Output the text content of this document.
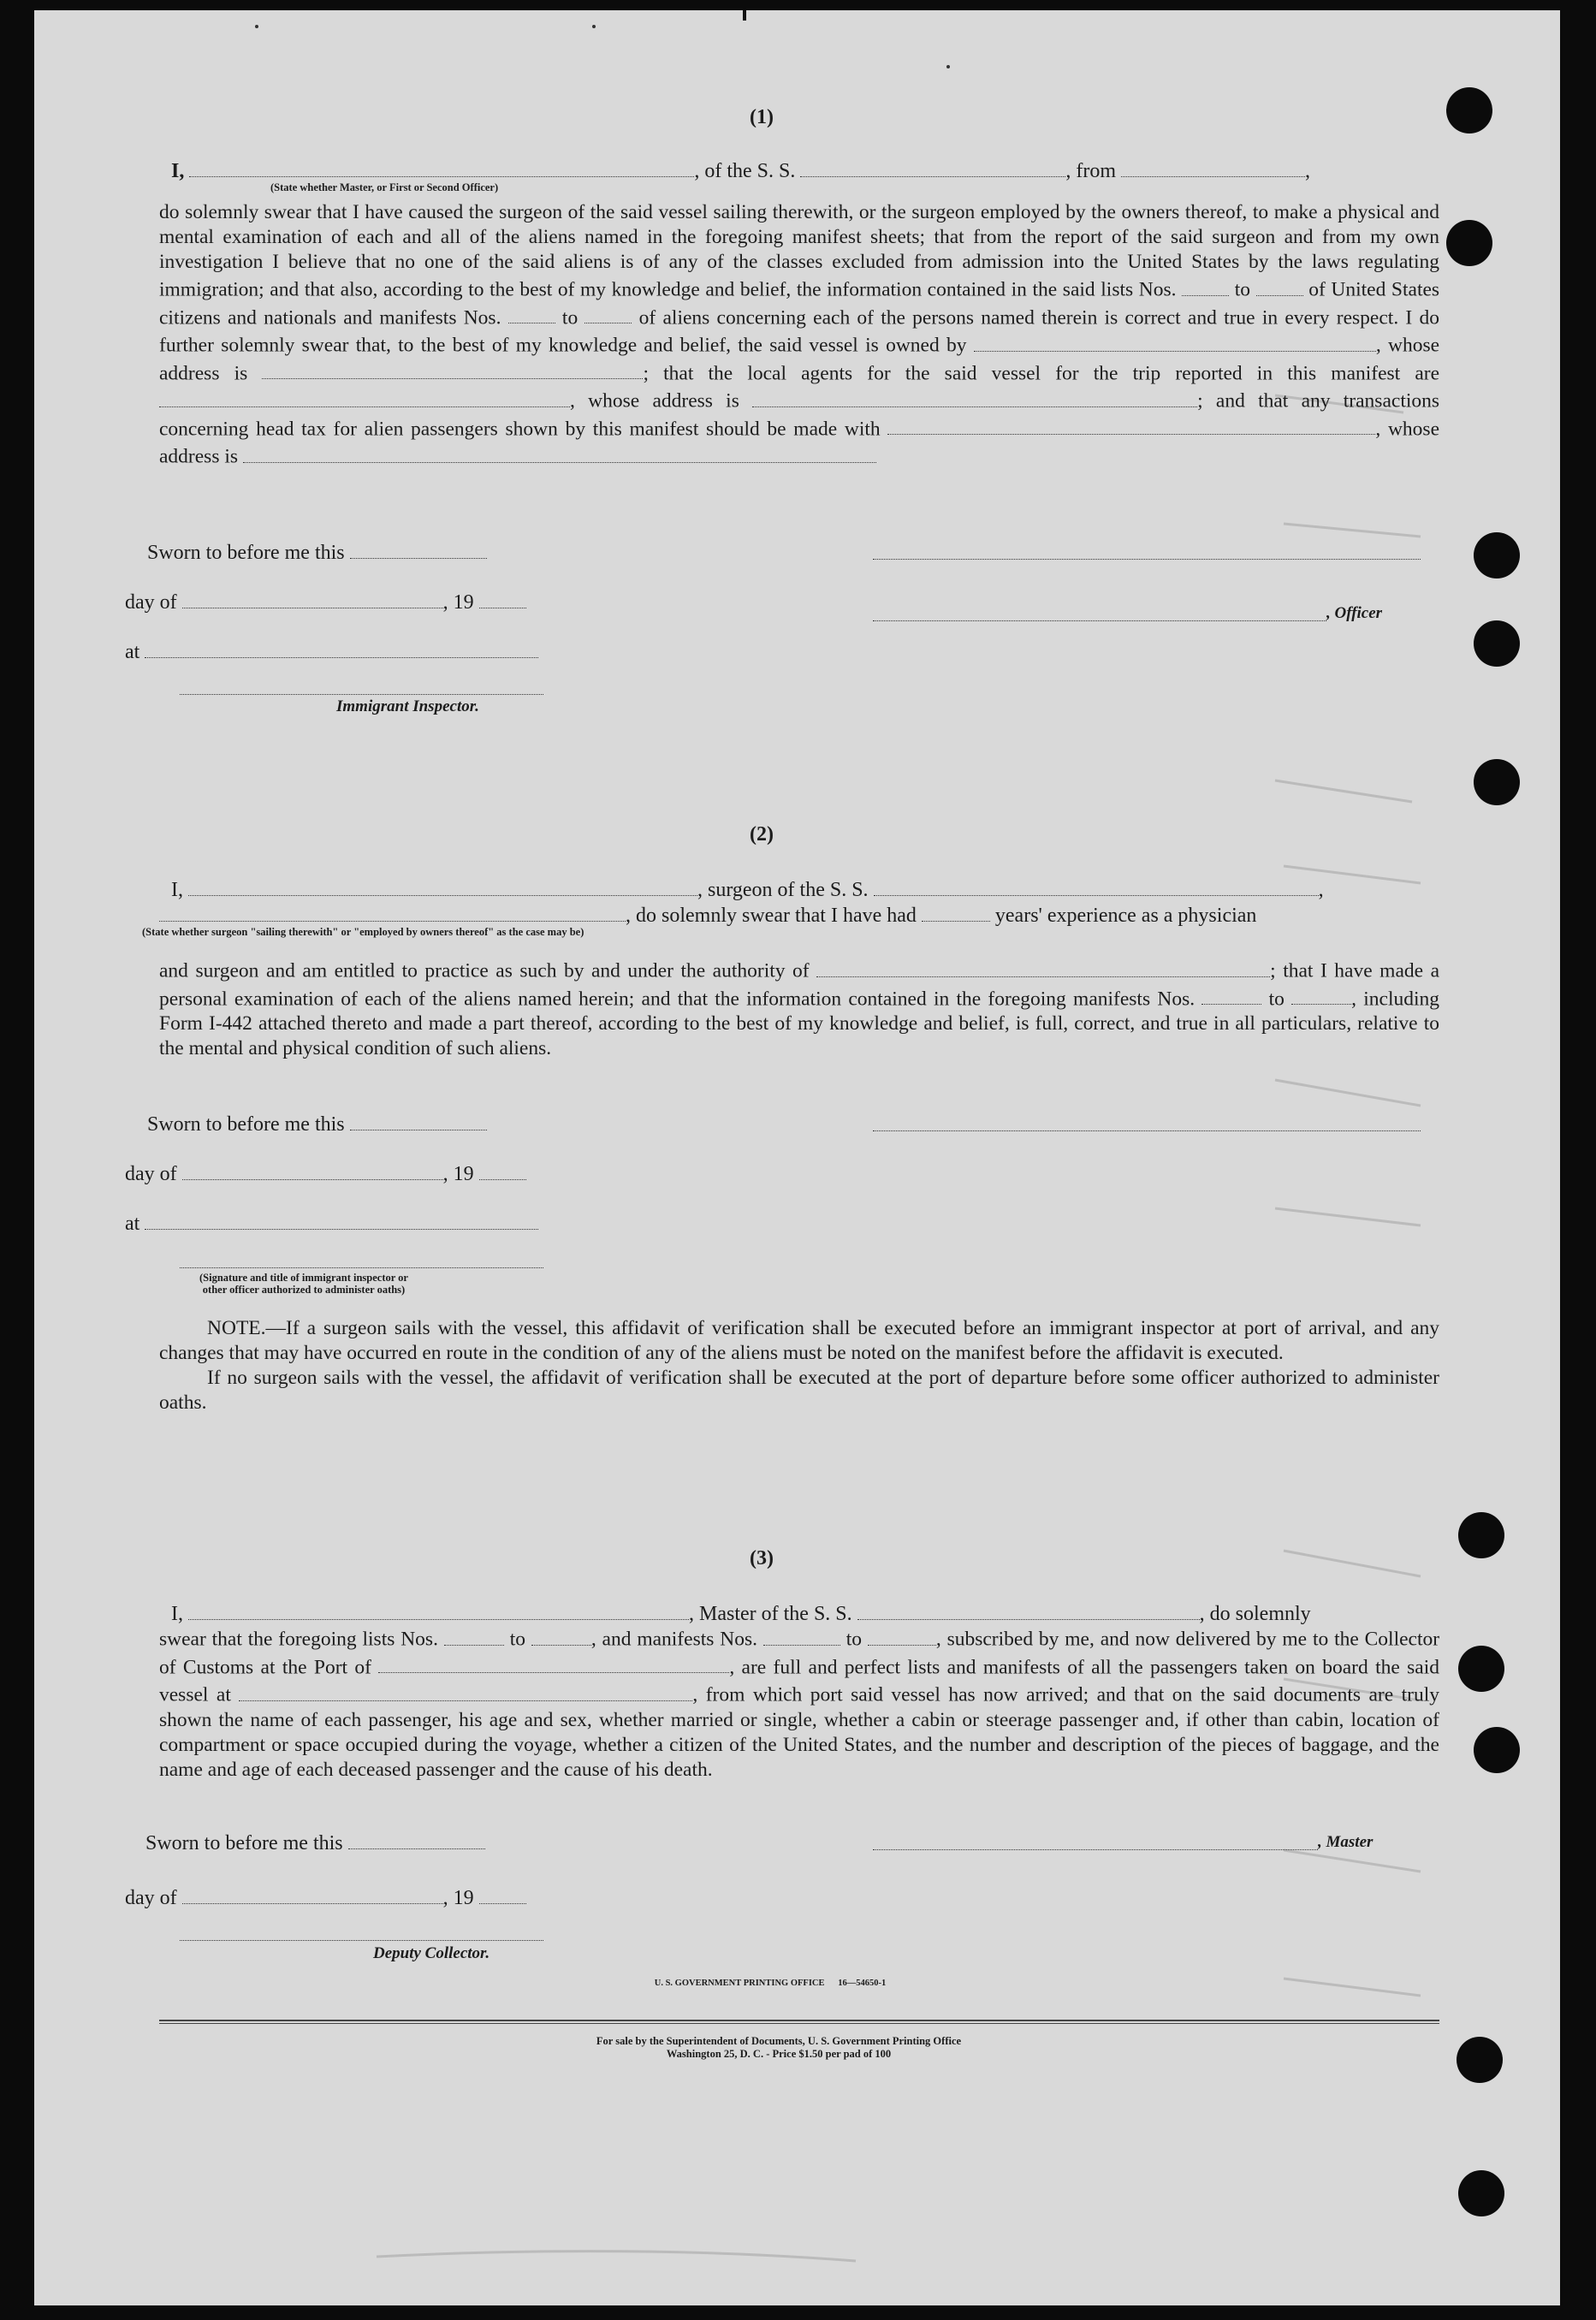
(1)
I,	, of the S. S.	, from	,
(State whether Master, or First or Second Officer)

do solemnly swear that I have caused the surgeon of the said vessel sailing therewith, or the surgeon employed by the owners thereof, to make a physical and mental examination of each and all of the aliens named in the foregoing manifest sheets; that from the report of the said surgeon and from my own investigation I believe that no one of the said aliens is of any of the classes excluded from admission into the United States by the laws regulating immigration; and that also, according to the best of my knowledge and belief, the information contained in the said lists Nos.	to	of United States citizens and nationals and manifests Nos.	to	of aliens concerning each of the persons named therein is correct and true in every respect. I do further solemnly swear that, to the best of my knowledge and belief, the said vessel is owned by	, whose address is	; that the local agents for the said vessel for the trip reported in this manifest are , whose address is	; and that any transactions concerning head tax for alien passengers shown by this manifest should be made with	, whose address is

Sworn to before me this
day of	, 19	, Officer
at
Immigrant Inspector.
(2)
I,	, surgeon of the S. S.	,
, do solemnly swear that I have had	years' experience as a physician
(State whether surgeon "sailing therewith" or "employed by owners thereof" as the case may be)

and surgeon and am entitled to practice as such by and under the authority of	; that I have made a personal examination of each of the aliens named herein; and that the information contained in the foregoing manifests Nos.	to	, including Form I-442 attached thereto and made a part thereof, according to the best of my knowledge and belief, is full, correct, and true in all particulars, relative to the mental and physical condition of such aliens.

Sworn to before me this
day of	, 19
at
(Signature and title of immigrant inspector or other officer authorized to administer oaths)

NOTE.—If a surgeon sails with the vessel, this affidavit of verification shall be executed before an immigrant inspector at port of arrival, and any changes that may have occurred en route in the condition of any of the aliens must be noted on the manifest before the affidavit is executed.

If no surgeon sails with the vessel, the affidavit of verification shall be executed at the port of departure before some officer authorized to administer oaths.

(3)
I,	, Master of the S. S.	, do solemnly

swear that the foregoing lists Nos.	to	, and manifests Nos.	to	, subscribed by me, and now delivered by me to the Collector of Customs at the Port of	, are full and perfect lists and manifests of all the passengers taken on board the said vessel at	, from which port said vessel has now arrived; and that on the said documents are truly shown the name of each passenger, his age and sex, whether married or single, whether a cabin or steerage passenger and, if other than cabin, location of compartment or space occupied during the voyage, whether a citizen of the United States, and the number and description of the pieces of baggage, and the name and age of each deceased passenger and the cause of his death.

Sworn to before me this	, Master
day of	, 19
Deputy Collector.
U. S. GOVERNMENT PRINTING OFFICE      16—54650-1
For sale by the Superintendent of Documents, U. S. Government Printing Office
Washington 25, D. C. - Price $1.50 per pad of 100
